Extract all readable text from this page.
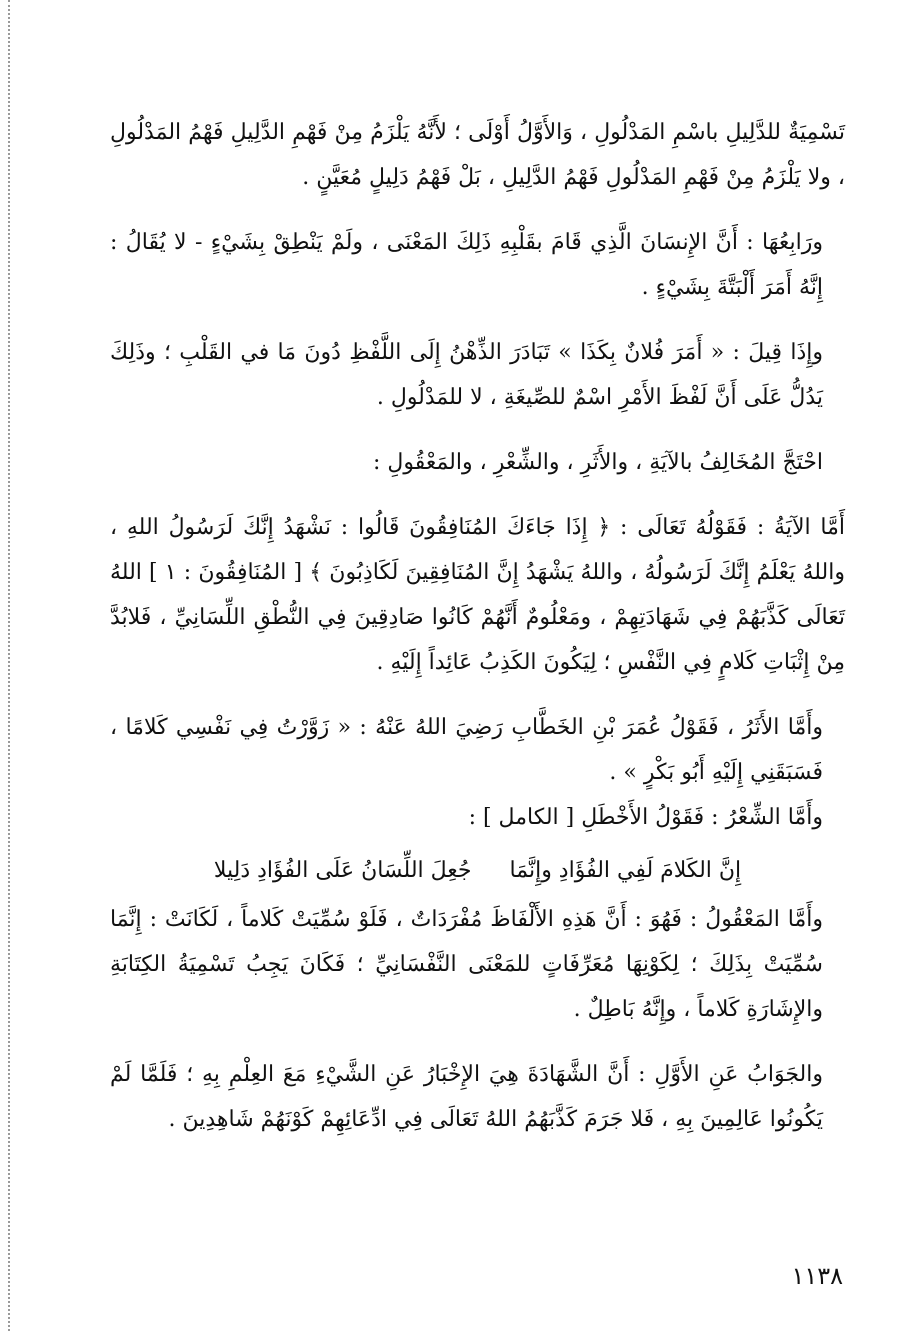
تَسْمِيَةٌ للدَّلِيلِ باسْمِ المَدْلُولِ ، وَالأَوَّلُ أَوْلَى ؛ لأَنَّهُ يَلْزَمُ مِنْ فَهْمِ الدَّلِيلِ فَهْمُ المَدْلُولِ ، ولا يَلْزَمُ مِنْ فَهْمِ المَدْلُولِ فَهْمُ الدَّلِيلِ ، بَلْ فَهْمُ دَلِيلٍ مُعَيَّنٍ .

ورَابِعُهَا : أَنَّ الإِنسَانَ الَّذِي قَامَ بقَلْبِهِ ذَلِكَ المَعْنَى ، ولَمْ يَنْطِقْ بِشَيْءٍ - لا يُقَالُ : إِنَّهُ أَمَرَ أَلْبَتَّةَ بِشَيْءٍ .

وإِذَا قِيلَ : « أَمَرَ فُلانٌ بِكَذَا » تَبَادَرَ الذِّهْنُ إِلَى اللَّفْظِ دُونَ مَا في القَلْبِ ؛ وذَلِكَ يَدُلُّ عَلَى أَنَّ لَفْظَ الأَمْرِ اسْمٌ للصِّيغَةِ ، لا للمَدْلُولِ .

احْتَجَّ المُخَالِفُ بالآيَةِ ، والأَثَرِ ، والشِّعْرِ ، والمَعْقُولِ :

أَمَّا الآيَةُ : فَقَوْلُهُ تَعَالَى : ﴿ إِذَا جَاءَكَ المُنَافِقُونَ قَالُوا : نَشْهَدُ إِنَّكَ لَرَسُولُ اللهِ ، واللهُ يَعْلَمُ إِنَّكَ لَرَسُولُهُ ، واللهُ يَشْهَدُ إِنَّ المُنَافِقِينَ لَكَاذِبُونَ ﴾ [ المُنَافِقُونَ : ١ ] اللهُ تَعَالَى كَذَّبَهُمْ فِي شَهَادَتِهِمْ ، ومَعْلُومٌ أَنَّهُمْ كَانُوا صَادِقِينَ فِي النُّطْقِ اللِّسَانِيِّ ، فَلابُدَّ مِنْ إِثْبَاتِ كَلامٍ فِي النَّفْسِ ؛ لِيَكُونَ الكَذِبُ عَائِداً إِلَيْهِ .

وأَمَّا الأَثَرُ ، فَقَوْلُ عُمَرَ بْنِ الخَطَّابِ رَضِيَ اللهُ عَنْهُ : « زَوَّرْتُ فِي نَفْسِي كَلامًا ، فَسَبَقَنِي إِلَيْهِ أَبُو بَكْرٍ » .

وأَمَّا الشِّعْرُ : فَقَوْلُ الأَخْطَلِ [ الكامل ] :

إِنَّ الكَلامَ لَفِي الفُؤَادِ وإِنَّمَا
جُعِلَ اللِّسَانُ عَلَى الفُؤَادِ دَلِيلا

وأَمَّا المَعْقُولُ : فَهُوَ : أَنَّ هَذِهِ الأَلْفَاظَ مُفْرَدَاتٌ ، فَلَوْ سُمِّيَتْ كَلاماً ، لَكَانَتْ : إِنَّمَا سُمِّيَتْ بِذَلِكَ ؛ لِكَوْنِهَا مُعَرِّفَاتٍ للمَعْنَى النَّفْسَانِيِّ ؛ فَكَانَ يَجِبُ تَسْمِيَةُ الكِتَابَةِ والإِشَارَةِ كَلاماً ، وإِنَّهُ بَاطِلٌ .

والجَوَابُ عَنِ الأَوَّلِ : أَنَّ الشَّهَادَةَ هِيَ الإِخْبَارُ عَنِ الشَّيْءِ مَعَ العِلْمِ بِهِ ؛ فَلَمَّا لَمْ يَكُونُوا عَالِمِينَ بِهِ ، فَلا جَرَمَ كَذَّبَهُمُ اللهُ تَعَالَى فِي ادِّعَائِهِمْ كَوْنَهُمْ شَاهِدِينَ .

١١٣٨
